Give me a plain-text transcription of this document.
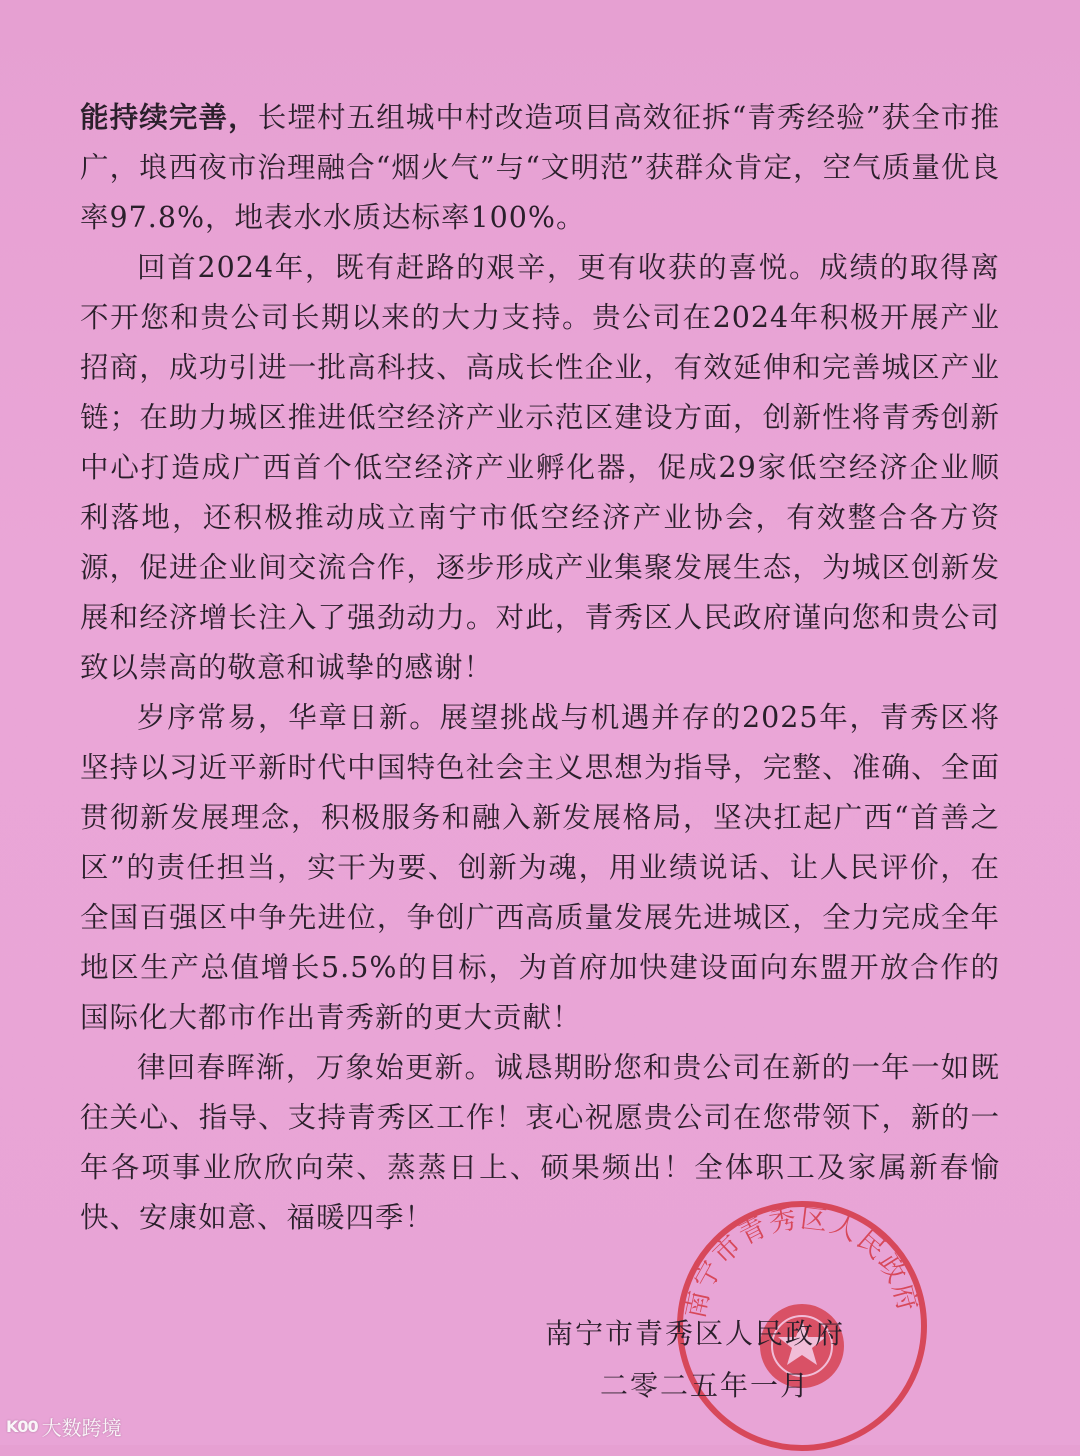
能持续完善，长堽村五组城中村改造项目高效征拆“青秀经验”获全市推广，埌西夜市治理融合“烟火气”与“文明范”获群众肯定，空气质量优良率97.8%，地表水水质达标率100%。

回首2024年，既有赶路的艰辛，更有收获的喜悦。成绩的取得离不开您和贵公司长期以来的大力支持。贵公司在2024年积极开展产业招商，成功引进一批高科技、高成长性企业，有效延伸和完善城区产业链；在助力城区推进低空经济产业示范区建设方面，创新性将青秀创新中心打造成广西首个低空经济产业孵化器，促成29家低空经济企业顺利落地，还积极推动成立南宁市低空经济产业协会，有效整合各方资源，促进企业间交流合作，逐步形成产业集聚发展生态，为城区创新发展和经济增长注入了强劲动力。对此，青秀区人民政府谨向您和贵公司致以崇高的敬意和诚挚的感谢！

岁序常易，华章日新。展望挑战与机遇并存的2025年，青秀区将坚持以习近平新时代中国特色社会主义思想为指导，完整、准确、全面贯彻新发展理念，积极服务和融入新发展格局，坚决扛起广西“首善之区”的责任担当，实干为要、创新为魂，用业绩说话、让人民评价，在全国百强区中争先进位，争创广西高质量发展先进城区，全力完成全年地区生产总值增长5.5%的目标，为首府加快建设面向东盟开放合作的国际化大都市作出青秀新的更大贡献！

律回春晖渐，万象始更新。诚恳期盼您和贵公司在新的一年一如既往关心、指导、支持青秀区工作！衷心祝愿贵公司在您带领下，新的一年各项事业欣欣向荣、蒸蒸日上、硕果频出！全体职工及家属新春愉快、安康如意、福暖四季！

南宁市青秀区人民政府
南宁市青秀区人民政府
二零二五年一月
K00 大数跨境
